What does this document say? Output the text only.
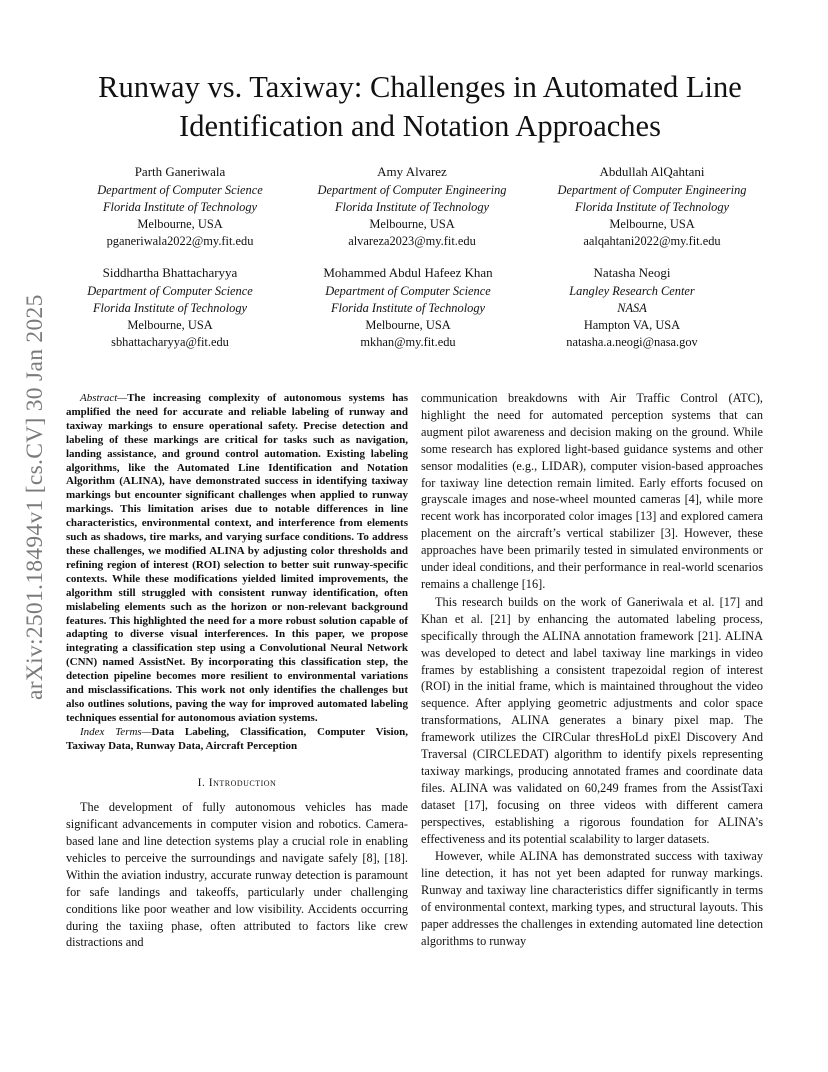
arXiv:2501.18494v1 [cs.CV] 30 Jan 2025
Runway vs. Taxiway: Challenges in Automated Line Identification and Notation Approaches
Parth Ganeriwala
Department of Computer Science
Florida Institute of Technology
Melbourne, USA
pganeriwala2022@my.fit.edu
Amy Alvarez
Department of Computer Engineering
Florida Institute of Technology
Melbourne, USA
alvareza2023@my.fit.edu
Abdullah AlQahtani
Department of Computer Engineering
Florida Institute of Technology
Melbourne, USA
aalqahtani2022@my.fit.edu
Siddhartha Bhattacharyya
Department of Computer Science
Florida Institute of Technology
Melbourne, USA
sbhattacharyya@fit.edu
Mohammed Abdul Hafeez Khan
Department of Computer Science
Florida Institute of Technology
Melbourne, USA
mkhan@my.fit.edu
Natasha Neogi
Langley Research Center
NASA
Hampton VA, USA
natasha.a.neogi@nasa.gov

Abstract—The increasing complexity of autonomous systems has amplified the need for accurate and reliable labeling of runway and taxiway markings to ensure operational safety. Precise detection and labeling of these markings are critical for tasks such as navigation, landing assistance, and ground control automation. Existing labeling algorithms, like the Automated Line Identification and Notation Algorithm (ALINA), have demonstrated success in identifying taxiway markings but encounter significant challenges when applied to runway markings. This limitation arises due to notable differences in line characteristics, environmental context, and interference from elements such as shadows, tire marks, and varying surface conditions. To address these challenges, we modified ALINA by adjusting color thresholds and refining region of interest (ROI) selection to better suit runway-specific contexts. While these modifications yielded limited improvements, the algorithm still struggled with consistent runway identification, often mislabeling elements such as the horizon or non-relevant background features. This highlighted the need for a more robust solution capable of adapting to diverse visual interferences. In this paper, we propose integrating a classification step using a Convolutional Neural Network (CNN) named AssistNet. By incorporating this classification step, the detection pipeline becomes more resilient to environmental variations and misclassifications. This work not only identifies the challenges but also outlines solutions, paving the way for improved automated labeling techniques essential for autonomous aviation systems.

Index Terms—Data Labeling, Classification, Computer Vision, Taxiway Data, Runway Data, Aircraft Perception

I. Introduction

The development of fully autonomous vehicles has made significant advancements in computer vision and robotics. Camera-based lane and line detection systems play a crucial role in enabling vehicles to perceive the surroundings and navigate safely [8], [18]. Within the aviation industry, accurate runway detection is paramount for safe landings and takeoffs, particularly under challenging conditions like poor weather and low visibility. Accidents occurring during the taxiing phase, often attributed to factors like crew distractions and

communication breakdowns with Air Traffic Control (ATC), highlight the need for automated perception systems that can augment pilot awareness and decision making on the ground. While some research has explored light-based guidance systems and other sensor modalities (e.g., LIDAR), computer vision-based approaches for taxiway line detection remain limited. Early efforts focused on grayscale images and nose-wheel mounted cameras [4], while more recent work has incorporated color images [13] and explored camera placement on the aircraft’s vertical stabilizer [3]. However, these approaches have been primarily tested in simulated environments or under ideal conditions, and their performance in real-world scenarios remains a challenge [16].

This research builds on the work of Ganeriwala et al. [17] and Khan et al. [21] by enhancing the automated labeling process, specifically through the ALINA annotation framework [21]. ALINA was developed to detect and label taxiway line markings in video frames by establishing a consistent trapezoidal region of interest (ROI) in the initial frame, which is maintained throughout the video sequence. After applying geometric adjustments and color space transformations, ALINA generates a binary pixel map. The framework utilizes the CIRCular thresHoLd pixEl Discovery And Traversal (CIRCLEDAT) algorithm to identify pixels representing taxiway markings, producing annotated frames and coordinate data files. ALINA was validated on 60,249 frames from the AssistTaxi dataset [17], focusing on three videos with different camera perspectives, establishing a rigorous foundation for ALINA’s effectiveness and its potential scalability to larger datasets.

However, while ALINA has demonstrated success with taxiway line detection, it has not yet been adapted for runway markings. Runway and taxiway line characteristics differ significantly in terms of environmental context, marking types, and structural layouts. This paper addresses the challenges in extending automated line detection algorithms to runway
